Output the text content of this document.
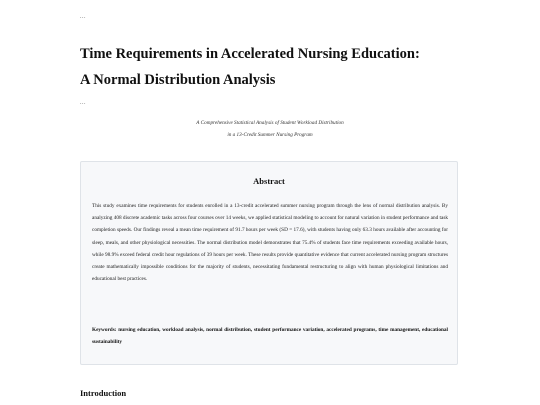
...
Time Requirements in Accelerated Nursing Education:
A Normal Distribution Analysis
...
A Comprehensive Statistical Analysis of Student Workload Distribution
in a 13-Credit Summer Nursing Program
Abstract
This study examines time requirements for students enrolled in a 13-credit accelerated summer nursing program through the lens of normal distribution analysis. By analyzing 408 discrete academic tasks across four courses over 14 weeks, we applied statistical modeling to account for natural variation in student performance and task completion speeds. Our findings reveal a mean time requirement of 91.7 hours per week (SD = 17.6), with students having only 63.3 hours available after accounting for sleep, meals, and other physiological necessities. The normal distribution model demonstrates that 75.4% of students face time requirements exceeding available hours, while 98.9% exceed federal credit hour regulations of 39 hours per week. These results provide quantitative evidence that current accelerated nursing program structures create mathematically impossible conditions for the majority of students, necessitating fundamental restructuring to align with human physiological limitations and educational best practices.
Keywords: nursing education, workload analysis, normal distribution, student performance variation, accelerated programs, time management, educational sustainability
Introduction
